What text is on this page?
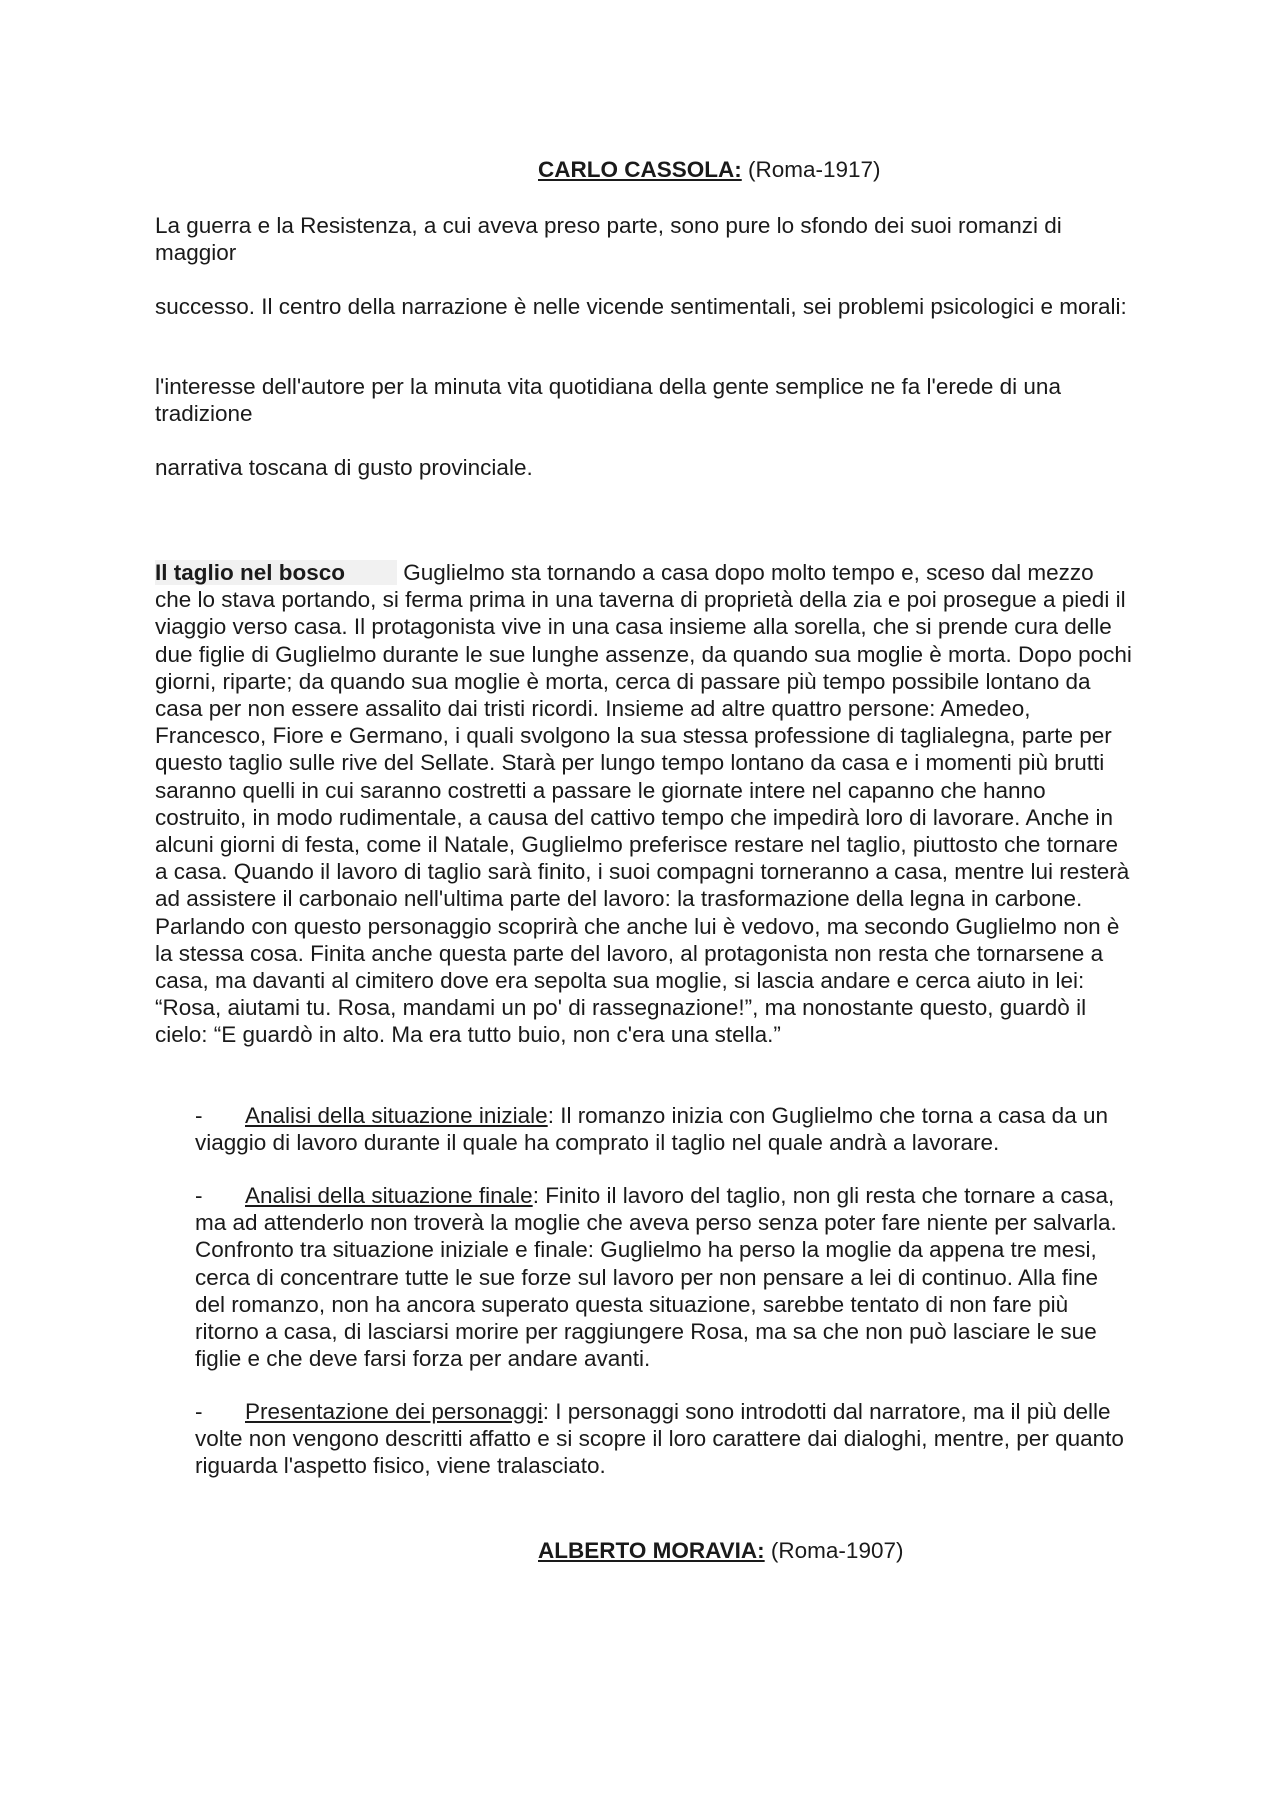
CARLO CASSOLA: (Roma-1917)

La guerra e la Resistenza, a cui aveva preso parte, sono pure lo sfondo dei suoi romanzi di maggior

successo. Il centro della narrazione è nelle vicende sentimentali, sei problemi psicologici e morali:

l'interesse dell'autore per la minuta vita quotidiana della gente semplice ne fa l'erede di una tradizione

narrativa toscana di gusto provinciale.

Il taglio nel bosco	Guglielmo sta tornando a casa dopo molto tempo e, sceso dal mezzo che lo stava portando, si ferma prima in una taverna di proprietà della zia e poi prosegue a piedi il viaggio verso casa. Il protagonista vive in una casa insieme alla sorella, che si prende cura delle due figlie di Guglielmo durante le sue lunghe assenze, da quando sua moglie è morta. Dopo pochi giorni, riparte; da quando sua moglie è morta, cerca di passare più tempo possibile lontano da casa per non essere assalito dai tristi ricordi. Insieme ad altre quattro persone: Amedeo, Francesco, Fiore e Germano, i quali svolgono la sua stessa professione di taglialegna, parte per questo taglio sulle rive del Sellate. Starà per lungo tempo lontano da casa e i momenti più brutti saranno quelli in cui saranno costretti a passare le giornate intere nel capanno che hanno costruito, in modo rudimentale, a causa del cattivo tempo che impedirà loro di lavorare. Anche in alcuni giorni di festa, come il Natale, Guglielmo preferisce restare nel taglio, piuttosto che tornare a casa. Quando il lavoro di taglio sarà finito, i suoi compagni torneranno a casa, mentre lui resterà ad assistere il carbonaio nell'ultima parte del lavoro: la trasformazione della legna in carbone. Parlando con questo personaggio scoprirà che anche lui è vedovo, ma secondo Guglielmo non è la stessa cosa. Finita anche questa parte del lavoro, al protagonista non resta che tornarsene a casa, ma davanti al cimitero dove era sepolta sua moglie, si lascia andare e cerca aiuto in lei: “Rosa, aiutami tu. Rosa, mandami un po' di rassegnazione!”, ma nonostante questo, guardò il cielo: “E guardò in alto. Ma era tutto buio, non c'era una stella.”

- Analisi della situazione iniziale: Il romanzo inizia con Guglielmo che torna a casa da un viaggio di lavoro durante il quale ha comprato il taglio nel quale andrà a lavorare.

- Analisi della situazione finale: Finito il lavoro del taglio, non gli resta che tornare a casa, ma ad attenderlo non troverà la moglie che aveva perso senza poter fare niente per salvarla. Confronto tra situazione iniziale e finale: Guglielmo ha perso la moglie da appena tre mesi, cerca di concentrare tutte le sue forze sul lavoro per non pensare a lei di continuo. Alla fine del romanzo, non ha ancora superato questa situazione, sarebbe tentato di non fare più ritorno a casa, di lasciarsi morire per raggiungere Rosa, ma sa che non può lasciare le sue figlie e che deve farsi forza per andare avanti.

- Presentazione dei personaggi: I personaggi sono introdotti dal narratore, ma il più delle volte non vengono descritti affatto e si scopre il loro carattere dai dialoghi, mentre, per quanto riguarda l'aspetto fisico, viene tralasciato.

ALBERTO MORAVIA: (Roma-1907)
